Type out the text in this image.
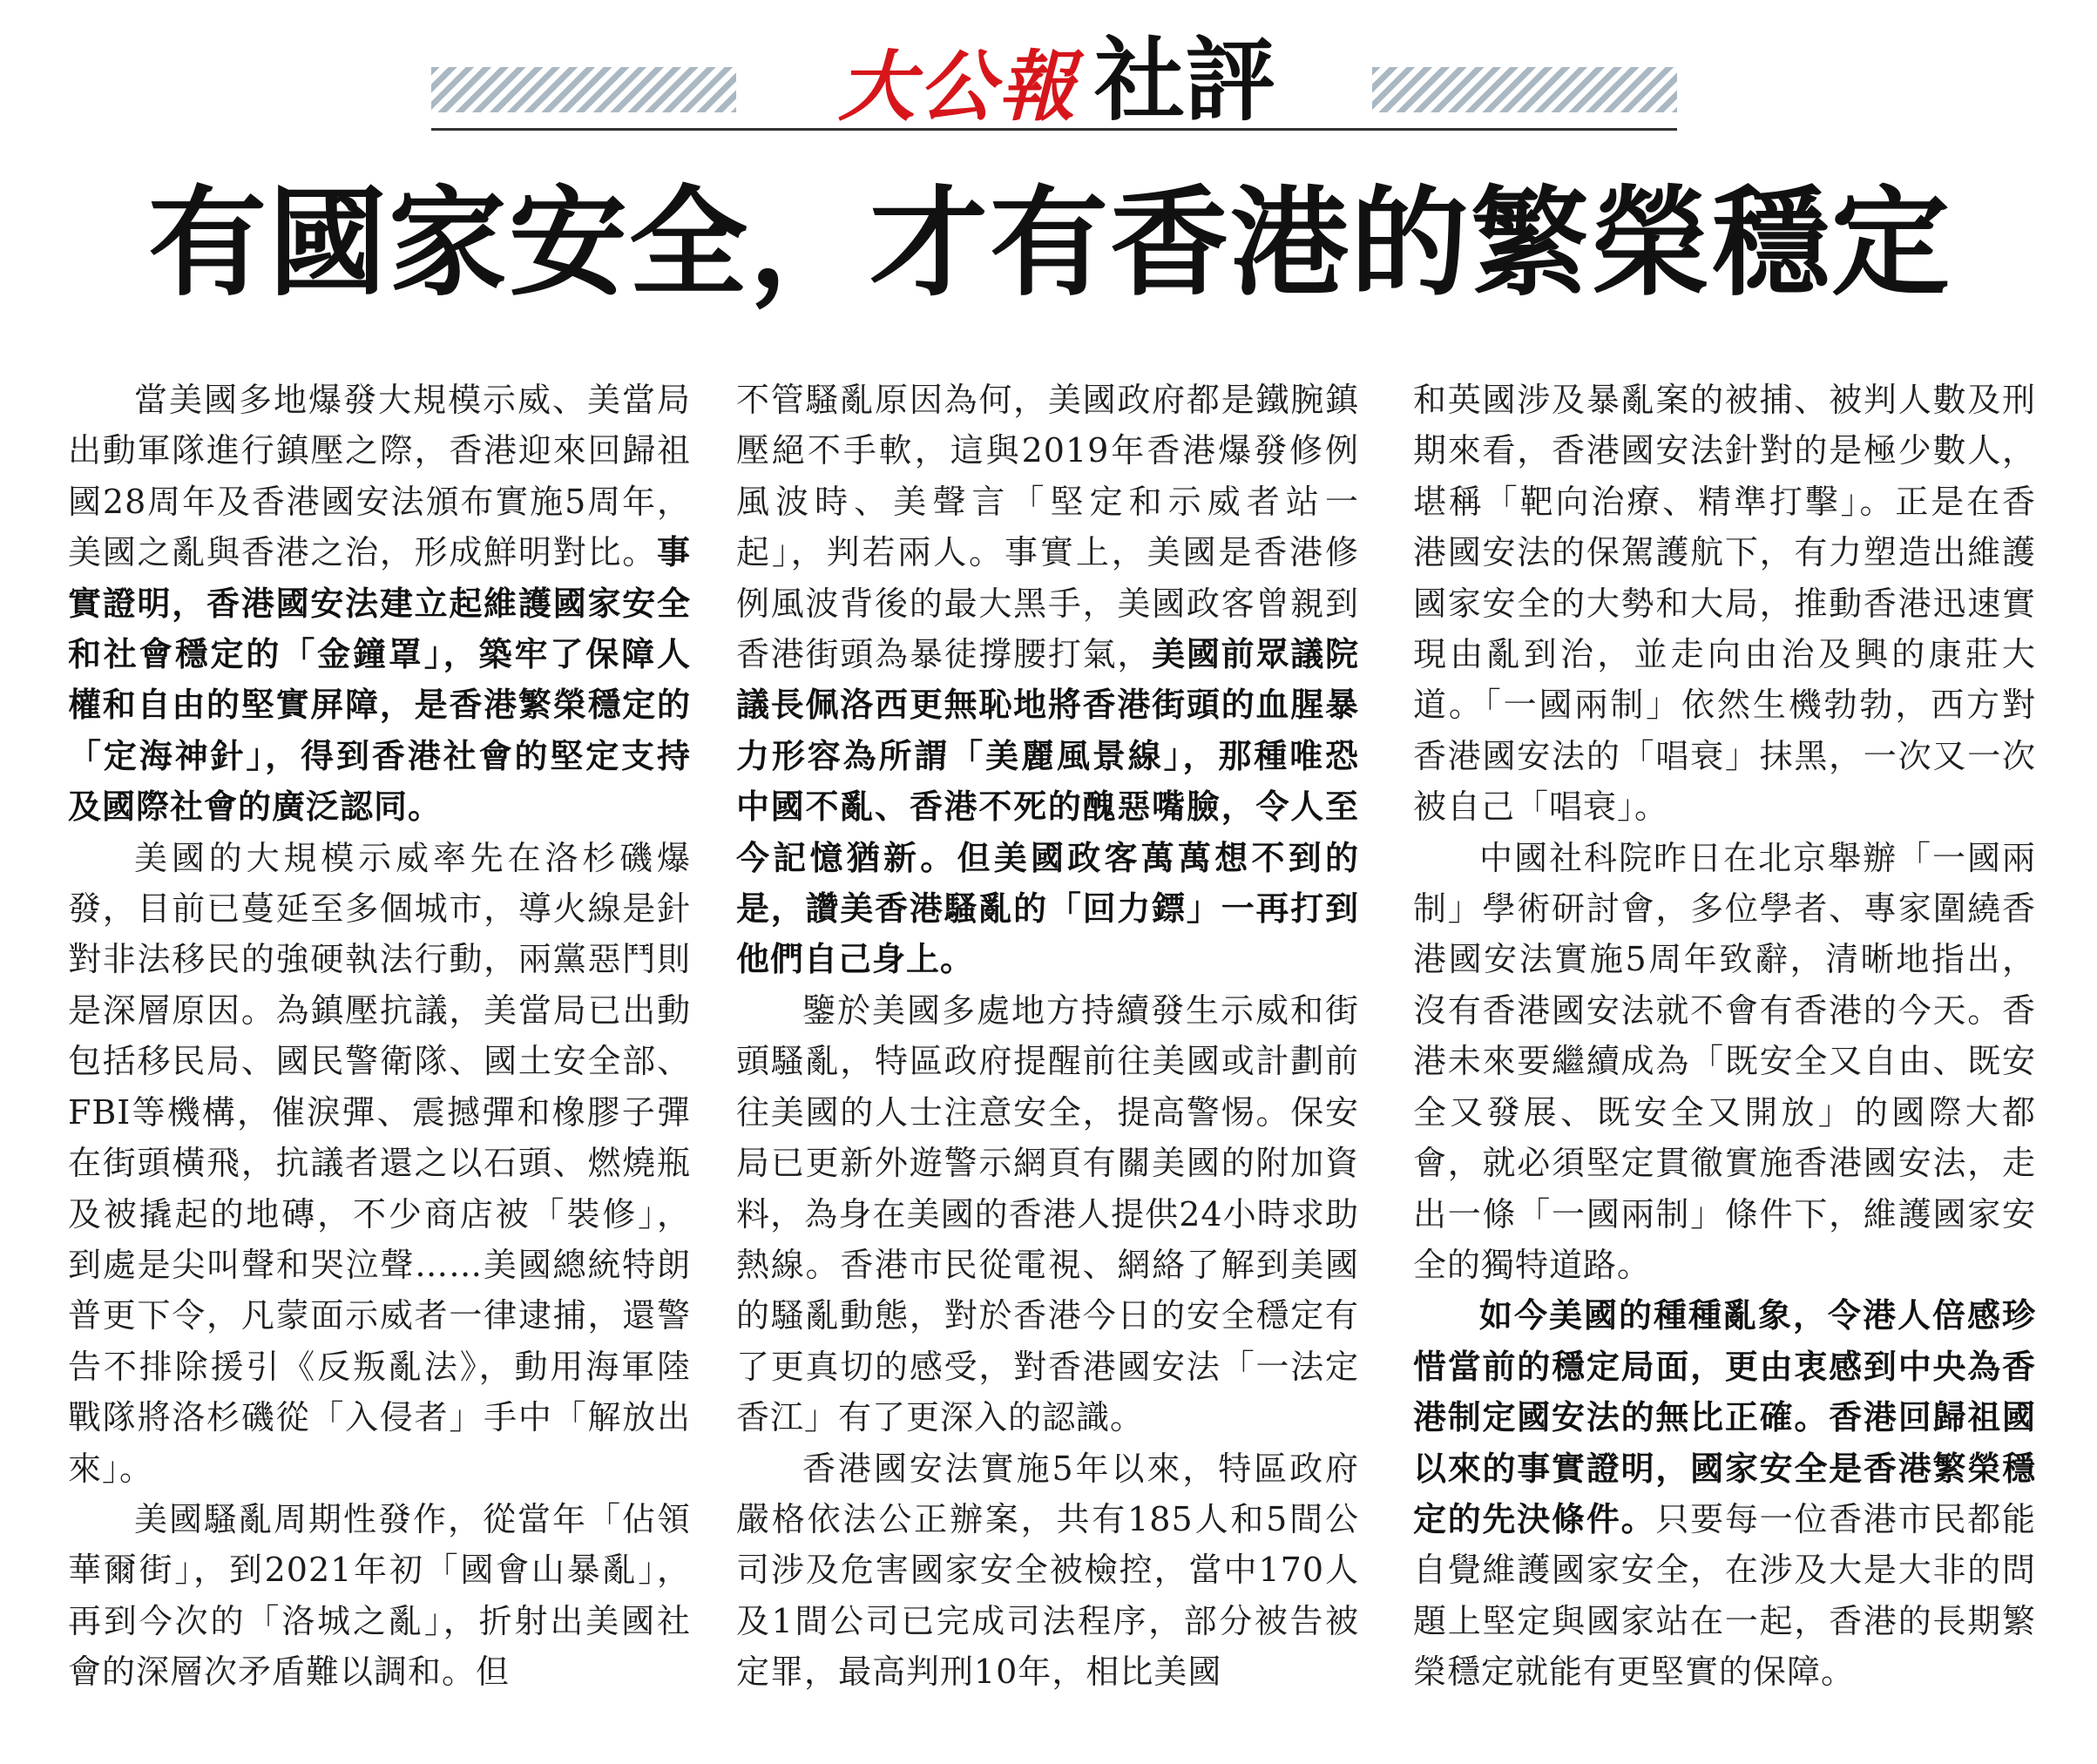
大公報 社評
有國家安全，才有香港的繁榮穩定

當美國多地爆發大規模示威、美當局出動軍隊進行鎮壓之際，香港迎來回歸祖國28周年及香港國安法頒布實施5周年，美國之亂與香港之治，形成鮮明對比。事實證明，香港國安法建立起維護國家安全和社會穩定的「金鐘罩」，築牢了保障人權和自由的堅實屏障，是香港繁榮穩定的「定海神針」，得到香港社會的堅定支持及國際社會的廣泛認同。

美國的大規模示威率先在洛杉磯爆發，目前已蔓延至多個城市，導火線是針對非法移民的強硬執法行動，兩黨惡鬥則是深層原因。為鎮壓抗議，美當局已出動包括移民局、國民警衛隊、國土安全部、FBI等機構，催淚彈、震撼彈和橡膠子彈在街頭橫飛，抗議者還之以石頭、燃燒瓶及被撬起的地磚，不少商店被「裝修」，到處是尖叫聲和哭泣聲……美國總統特朗普更下令，凡蒙面示威者一律逮捕，還警告不排除援引《反叛亂法》，動用海軍陸戰隊將洛杉磯從「入侵者」手中「解放出來」。

美國騷亂周期性發作，從當年「佔領華爾街」，到2021年初「國會山暴亂」，再到今次的「洛城之亂」，折射出美國社會的深層次矛盾難以調和。但

不管騷亂原因為何，美國政府都是鐵腕鎮壓絕不手軟，這與2019年香港爆發修例風波時、美聲言「堅定和示威者站一起」，判若兩人。事實上，美國是香港修例風波背後的最大黑手，美國政客曾親到香港街頭為暴徒撐腰打氣，美國前眾議院議長佩洛西更無恥地將香港街頭的血腥暴力形容為所謂「美麗風景線」，那種唯恐中國不亂、香港不死的醜惡嘴臉，令人至今記憶猶新。但美國政客萬萬想不到的是，讚美香港騷亂的「回力鏢」一再打到他們自己身上。

鑒於美國多處地方持續發生示威和街頭騷亂，特區政府提醒前往美國或計劃前往美國的人士注意安全，提高警惕。保安局已更新外遊警示網頁有關美國的附加資料，為身在美國的香港人提供24小時求助熱線。香港市民從電視、網絡了解到美國的騷亂動態，對於香港今日的安全穩定有了更真切的感受，對香港國安法「一法定香江」有了更深入的認識。

香港國安法實施5年以來，特區政府嚴格依法公正辦案，共有185人和5間公司涉及危害國家安全被檢控，當中170人及1間公司已完成司法程序，部分被告被定罪，最高判刑10年，相比美國

和英國涉及暴亂案的被捕、被判人數及刑期來看，香港國安法針對的是極少數人，堪稱「靶向治療、精準打擊」。正是在香港國安法的保駕護航下，有力塑造出維護國家安全的大勢和大局，推動香港迅速實現由亂到治，並走向由治及興的康莊大道。「一國兩制」依然生機勃勃，西方對香港國安法的「唱衰」抹黑，一次又一次被自己「唱衰」。

中國社科院昨日在北京舉辦「一國兩制」學術研討會，多位學者、專家圍繞香港國安法實施5周年致辭，清晰地指出，沒有香港國安法就不會有香港的今天。香港未來要繼續成為「既安全又自由、既安全又發展、既安全又開放」的國際大都會，就必須堅定貫徹實施香港國安法，走出一條「一國兩制」條件下，維護國家安全的獨特道路。

如今美國的種種亂象，令港人倍感珍惜當前的穩定局面，更由衷感到中央為香港制定國安法的無比正確。香港回歸祖國以來的事實證明，國家安全是香港繁榮穩定的先決條件。只要每一位香港市民都能自覺維護國家安全，在涉及大是大非的問題上堅定與國家站在一起，香港的長期繁榮穩定就能有更堅實的保障。
